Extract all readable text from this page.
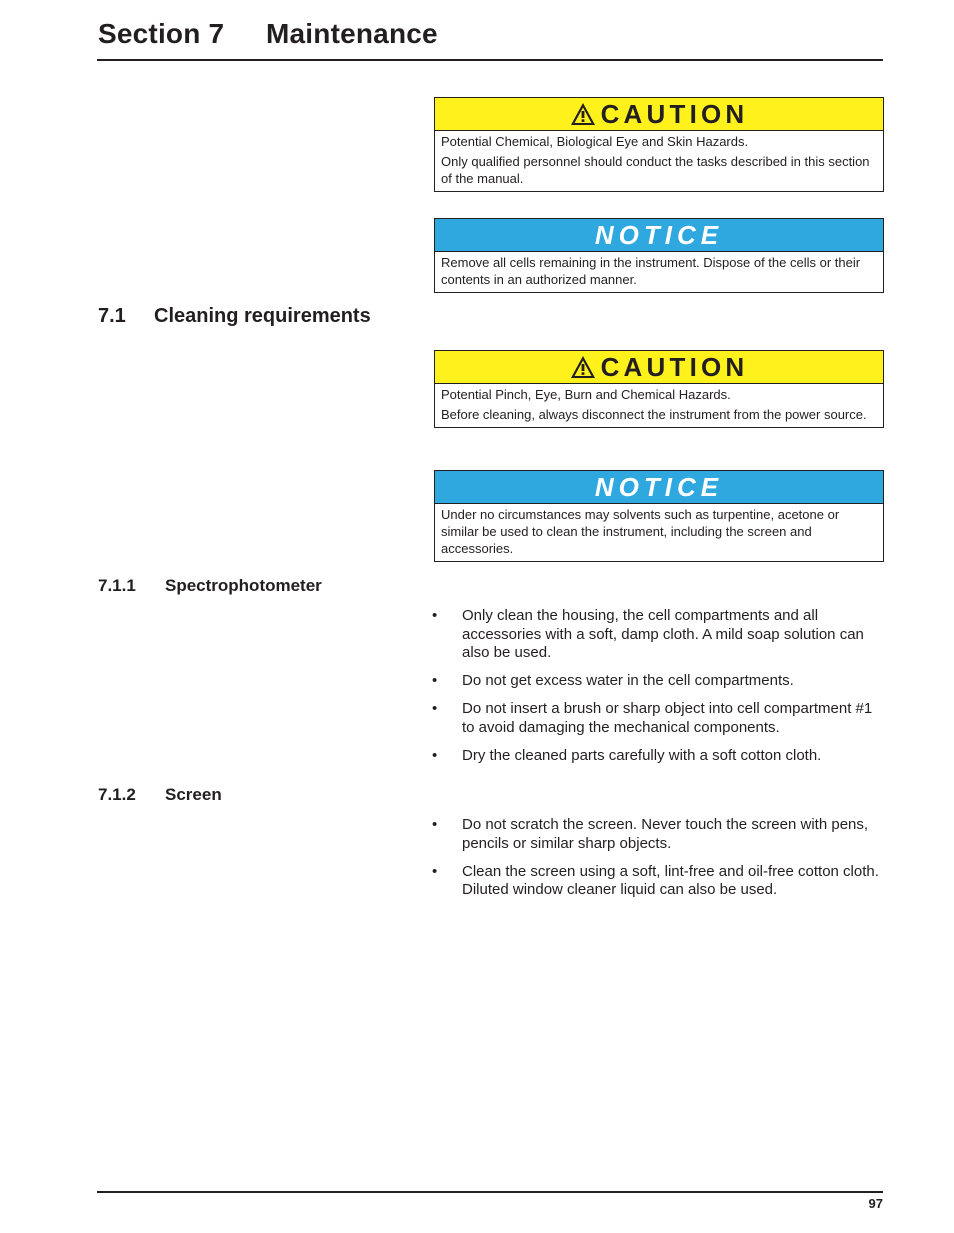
Section 7 Maintenance
CAUTION

Potential Chemical, Biological Eye and Skin Hazards.

Only qualified personnel should conduct the tasks described in this section of the manual.

NOTICE

Remove all cells remaining in the instrument. Dispose of the cells or their contents in an authorized manner.

7.1 Cleaning requirements
CAUTION

Potential Pinch, Eye, Burn and Chemical Hazards.

Before cleaning, always disconnect the instrument from the power source.

NOTICE

Under no circumstances may solvents such as turpentine, acetone or similar be used to clean the instrument, including the screen and accessories.

7.1.1 Spectrophotometer
•	Only clean the housing, the cell compartments and all accessories with a soft, damp cloth. A mild soap solution can also be used.
•	Do not get excess water in the cell compartments.
•	Do not insert a brush or sharp object into cell compartment #1 to avoid damaging the mechanical components.
•	Dry the cleaned parts carefully with a soft cotton cloth.
7.1.2 Screen
•	Do not scratch the screen. Never touch the screen with pens, pencils or similar sharp objects.
•	Clean the screen using a soft, lint-free and oil-free cotton cloth. Diluted window cleaner liquid can also be used.
97
